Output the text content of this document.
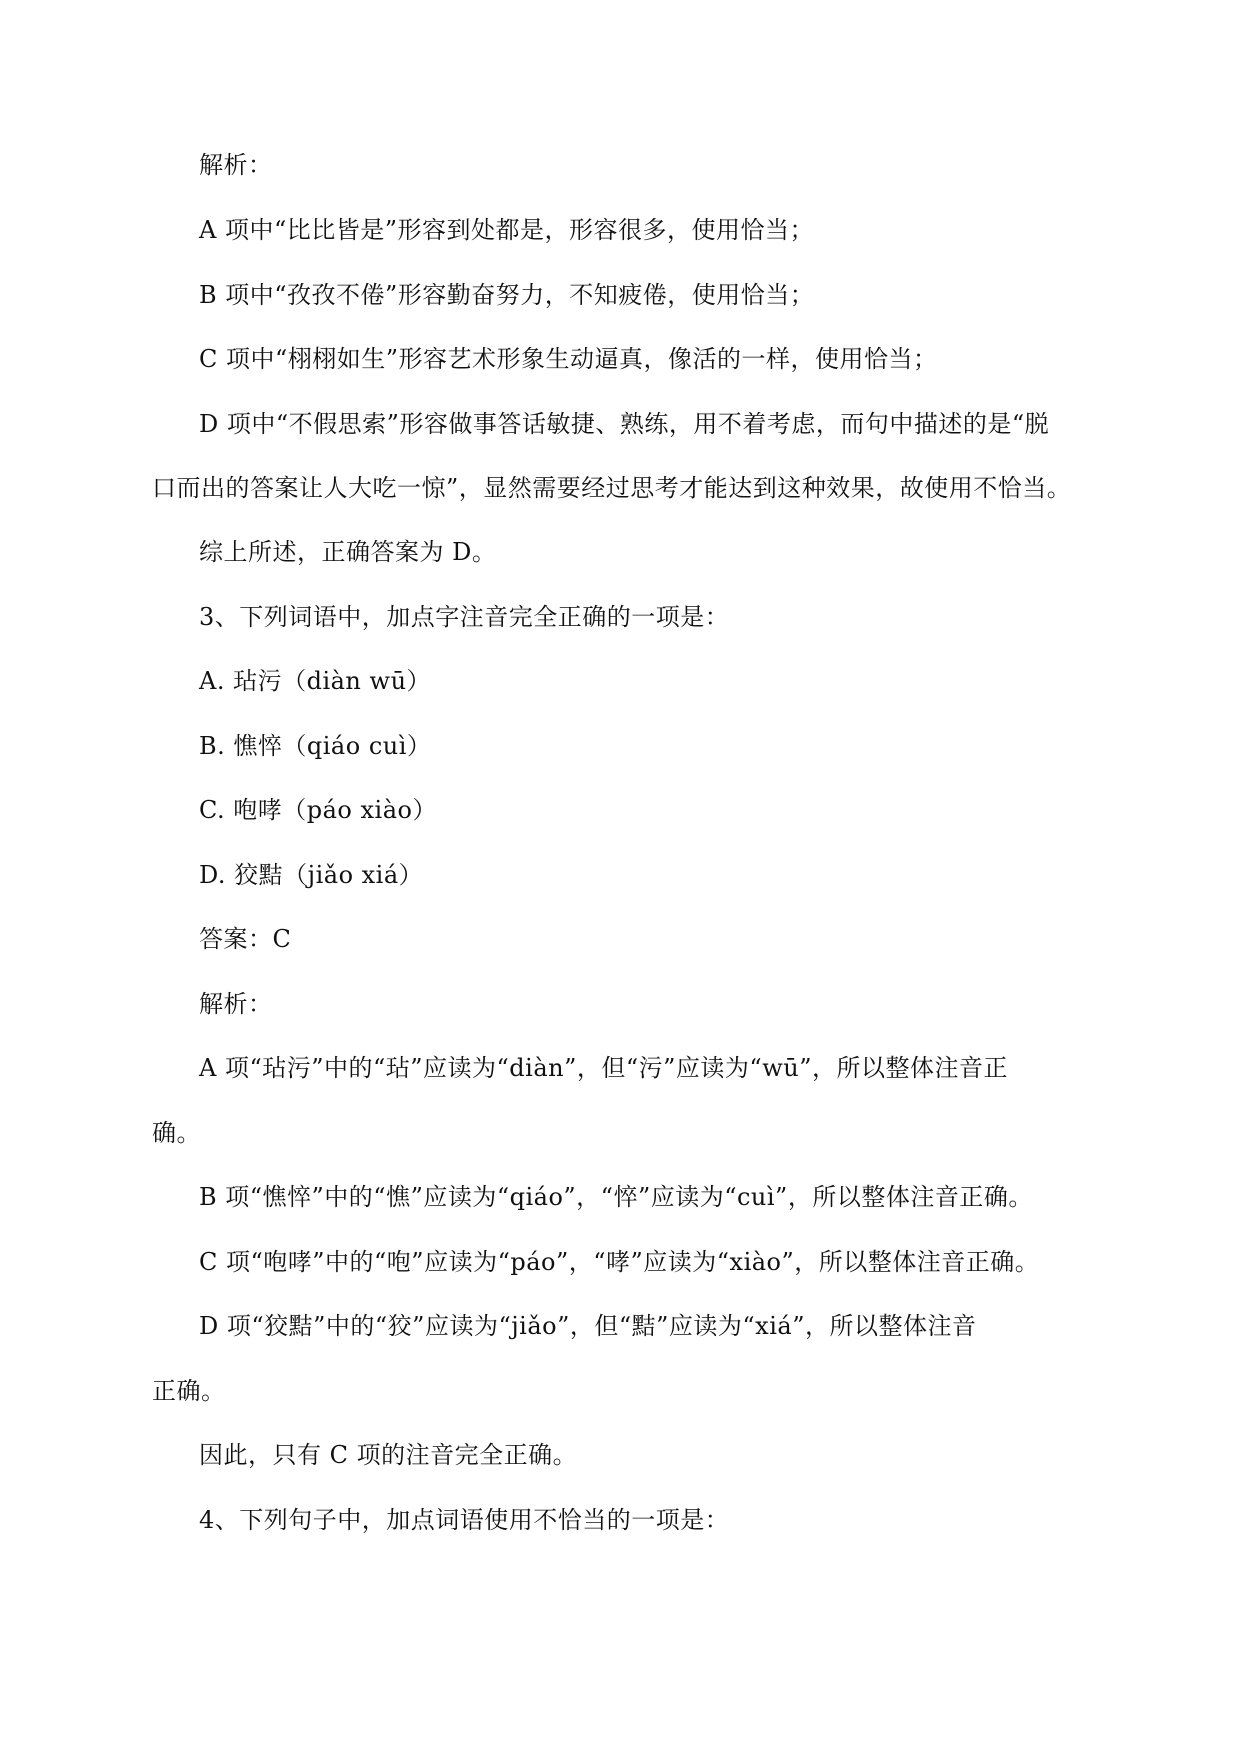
解析：
A 项中“比比皆是”形容到处都是，形容很多，使用恰当；
B 项中“孜孜不倦”形容勤奋努力，不知疲倦，使用恰当；
C 项中“栩栩如生”形容艺术形象生动逼真，像活的一样，使用恰当；
D 项中“不假思索”形容做事答话敏捷、熟练，用不着考虑，而句中描述的是“脱
口而出的答案让人大吃一惊”，显然需要经过思考才能达到这种效果，故使用不恰当。
综上所述，正确答案为 D。
3、下列词语中，加点字注音完全正确的一项是：
A. 玷污（diàn wū）
B. 憔悴（qiáo cuì）
C. 咆哮（páo xiào）
D. 狡黠（jiǎo xiá）
答案：C
解析：
A 项“玷污”中的“玷”应读为“diàn”，但“污”应读为“wū”，所以整体注音正
确。
B 项“憔悴”中的“憔”应读为“qiáo”，“悴”应读为“cuì”，所以整体注音正确。
C 项“咆哮”中的“咆”应读为“páo”，“哮”应读为“xiào”，所以整体注音正确。
D 项“狡黠”中的“狡”应读为“jiǎo”，但“黠”应读为“xiá”，所以整体注音
正确。
因此，只有 C 项的注音完全正确。
4、下列句子中，加点词语使用不恰当的一项是：
